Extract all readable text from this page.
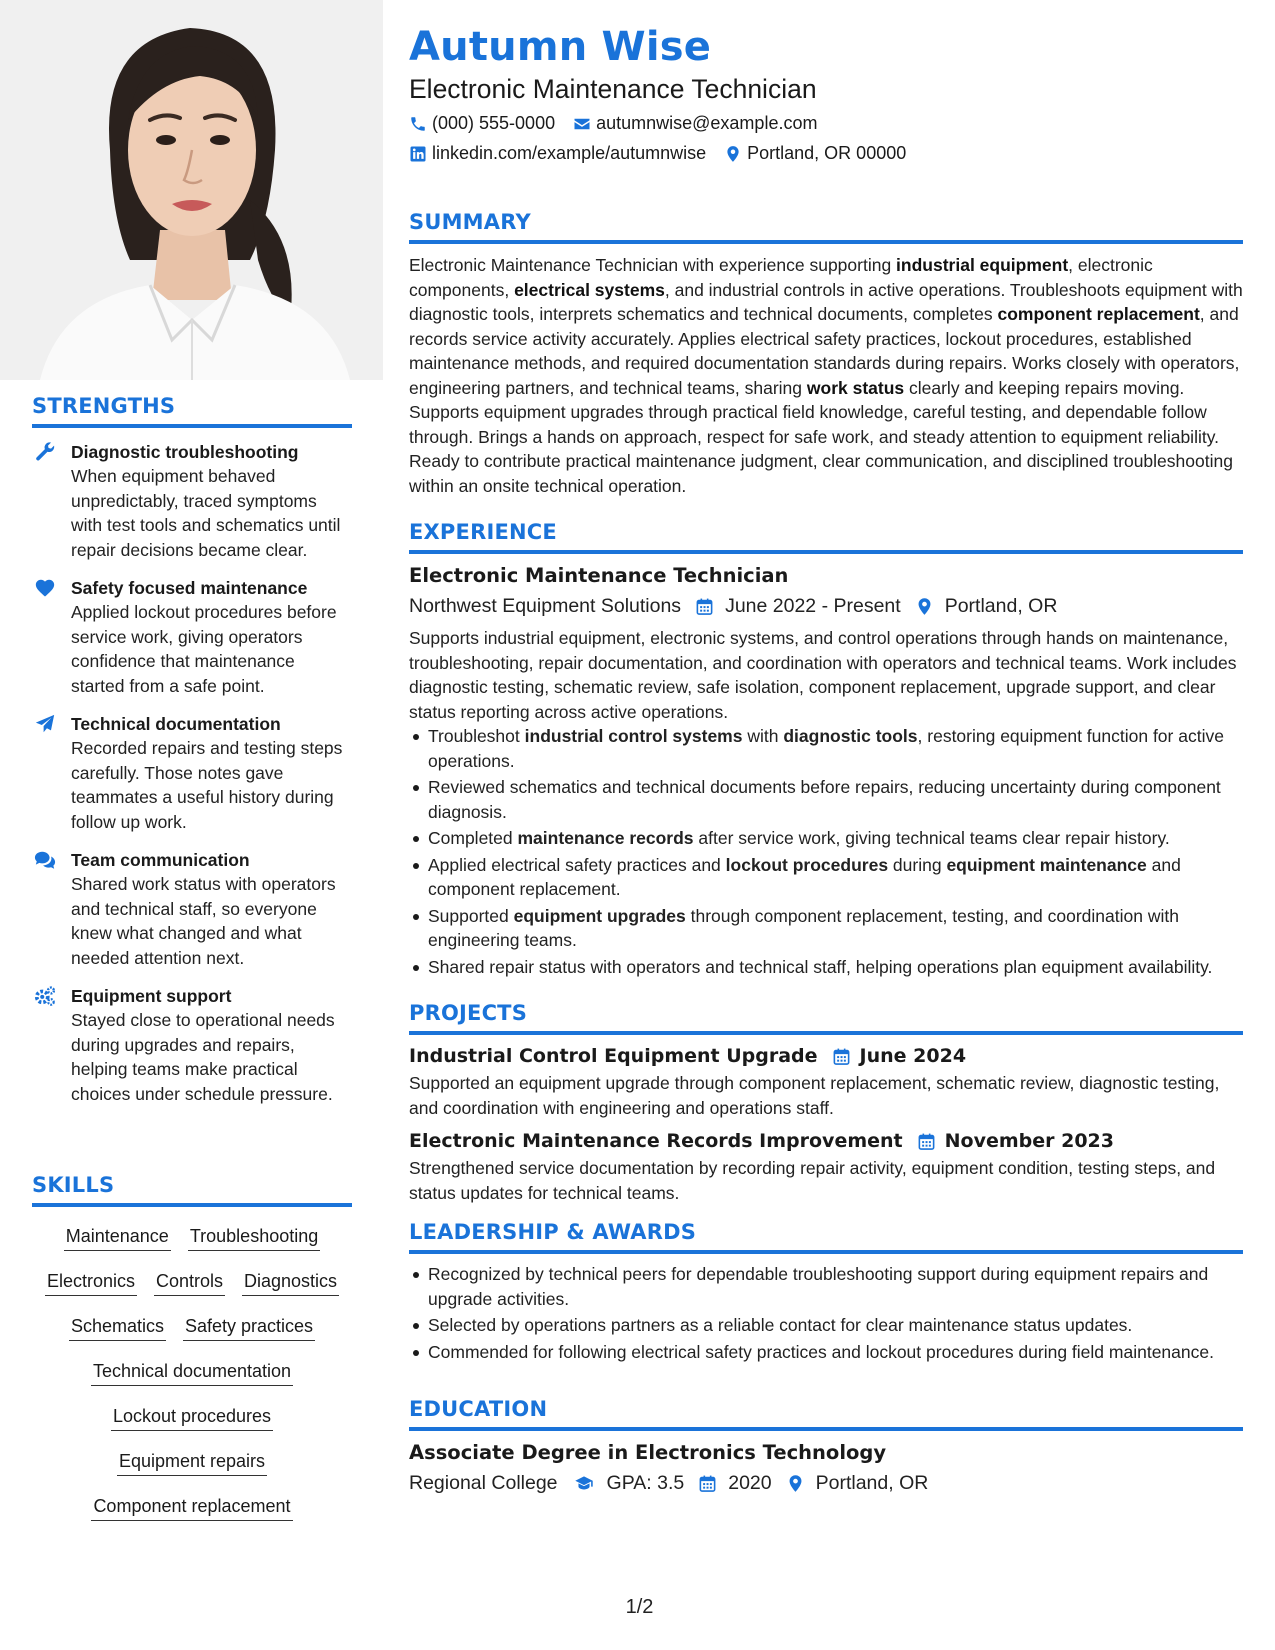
STRENGTHS
Diagnostic troubleshooting
When equipment behaved unpredictably, traced symptoms with test tools and schematics until repair decisions became clear.
Safety focused maintenance
Applied lockout procedures before service work, giving operators confidence that maintenance started from a safe point.
Technical documentation
Recorded repairs and testing steps carefully. Those notes gave teammates a useful history during follow up work.
Team communication
Shared work status with operators and technical staff, so everyone knew what changed and what needed attention next.
Equipment support
Stayed close to operational needs during upgrades and repairs, helping teams make practical choices under schedule pressure.
SKILLS
Maintenance Troubleshooting
Electronics Controls Diagnostics
Schematics Safety practices
Technical documentation
Lockout procedures
Equipment repairs
Component replacement
Autumn Wise
Electronic Maintenance Technician
(000) 555-0000 autumnwise@example.com
linkedin.com/example/autumnwise Portland, OR 00000
SUMMARY
Electronic Maintenance Technician with experience supporting industrial equipment, electronic components, electrical systems, and industrial controls in active operations. Troubleshoots equipment with diagnostic tools, interprets schematics and technical documents, completes component replacement, and records service activity accurately. Applies electrical safety practices, lockout procedures, established maintenance methods, and required documentation standards during repairs. Works closely with operators, engineering partners, and technical teams, sharing work status clearly and keeping repairs moving. Supports equipment upgrades through practical field knowledge, careful testing, and dependable follow through. Brings a hands on approach, respect for safe work, and steady attention to equipment reliability. Ready to contribute practical maintenance judgment, clear communication, and disciplined troubleshooting within an onsite technical operation.
EXPERIENCE
Electronic Maintenance Technician
Northwest Equipment Solutions June 2022 - Present Portland, OR
Supports industrial equipment, electronic systems, and control operations through hands on maintenance, troubleshooting, repair documentation, and coordination with operators and technical teams. Work includes diagnostic testing, schematic review, safe isolation, component replacement, upgrade support, and clear status reporting across active operations.
Troubleshot industrial control systems with diagnostic tools, restoring equipment function for active operations.
Reviewed schematics and technical documents before repairs, reducing uncertainty during component diagnosis.
Completed maintenance records after service work, giving technical teams clear repair history.
Applied electrical safety practices and lockout procedures during equipment maintenance and component replacement.
Supported equipment upgrades through component replacement, testing, and coordination with engineering teams.
Shared repair status with operators and technical staff, helping operations plan equipment availability.
PROJECTS
Industrial Control Equipment Upgrade June 2024
Supported an equipment upgrade through component replacement, schematic review, diagnostic testing, and coordination with engineering and operations staff.
Electronic Maintenance Records Improvement November 2023
Strengthened service documentation by recording repair activity, equipment condition, testing steps, and status updates for technical teams.
LEADERSHIP & AWARDS
Recognized by technical peers for dependable troubleshooting support during equipment repairs and upgrade activities.
Selected by operations partners as a reliable contact for clear maintenance status updates.
Commended for following electrical safety practices and lockout procedures during field maintenance.
EDUCATION
Associate Degree in Electronics Technology
Regional College	GPA: 3.5 2020 Portland, OR
1/2
